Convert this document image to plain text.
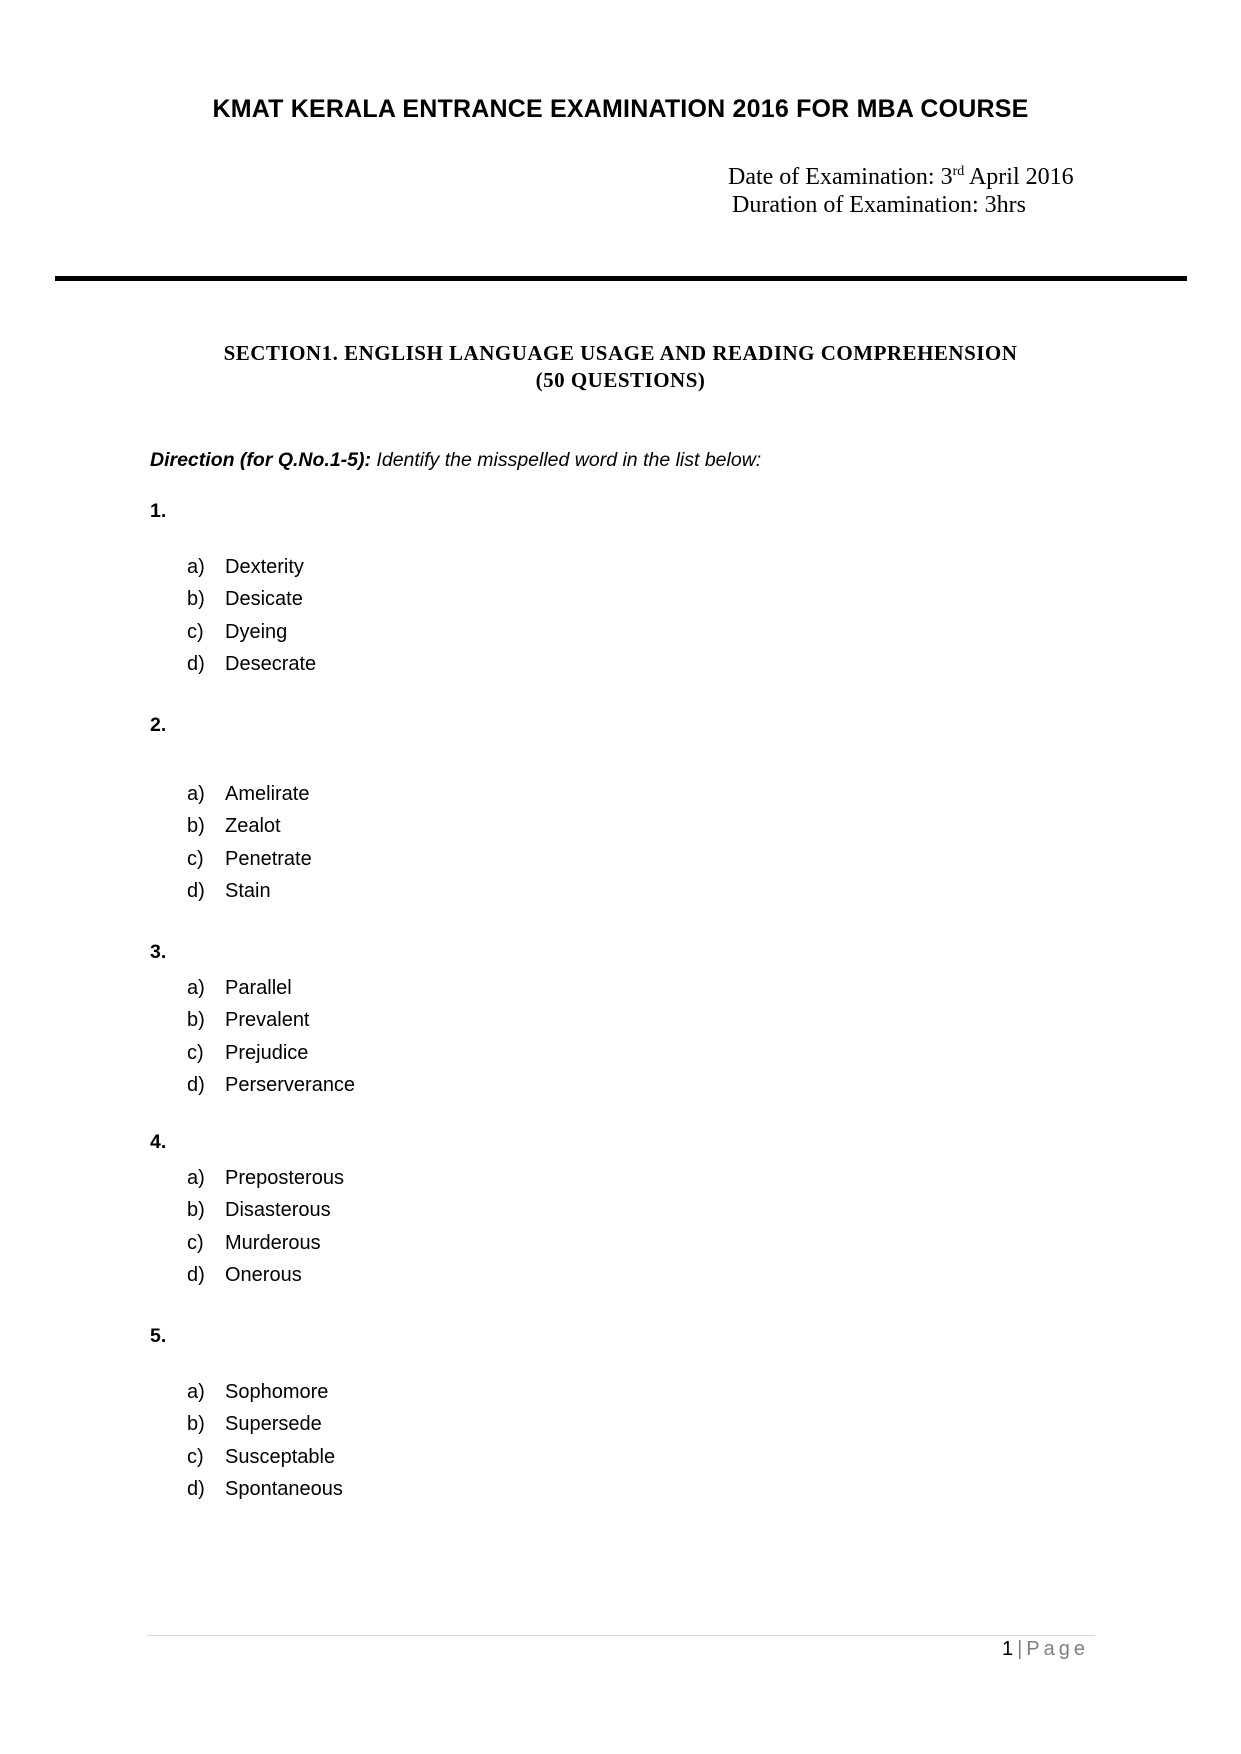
KMAT KERALA ENTRANCE EXAMINATION 2016 FOR MBA COURSE
Date of Examination: 3rd April 2016
Duration of Examination: 3hrs
SECTION1. ENGLISH LANGUAGE USAGE AND READING COMPREHENSION
(50 QUESTIONS)
Direction (for Q.No.1-5): Identify the misspelled word in the list below:
1.
a) Dexterity
b) Desicate
c) Dyeing
d) Desecrate
2.
a) Amelirate
b) Zealot
c) Penetrate
d) Stain
3.
a) Parallel
b) Prevalent
c) Prejudice
d) Perserverance
4.
a) Preposterous
b) Disasterous
c) Murderous
d) Onerous
5.
a) Sophomore
b) Supersede
c) Susceptable
d) Spontaneous
1 | Page
